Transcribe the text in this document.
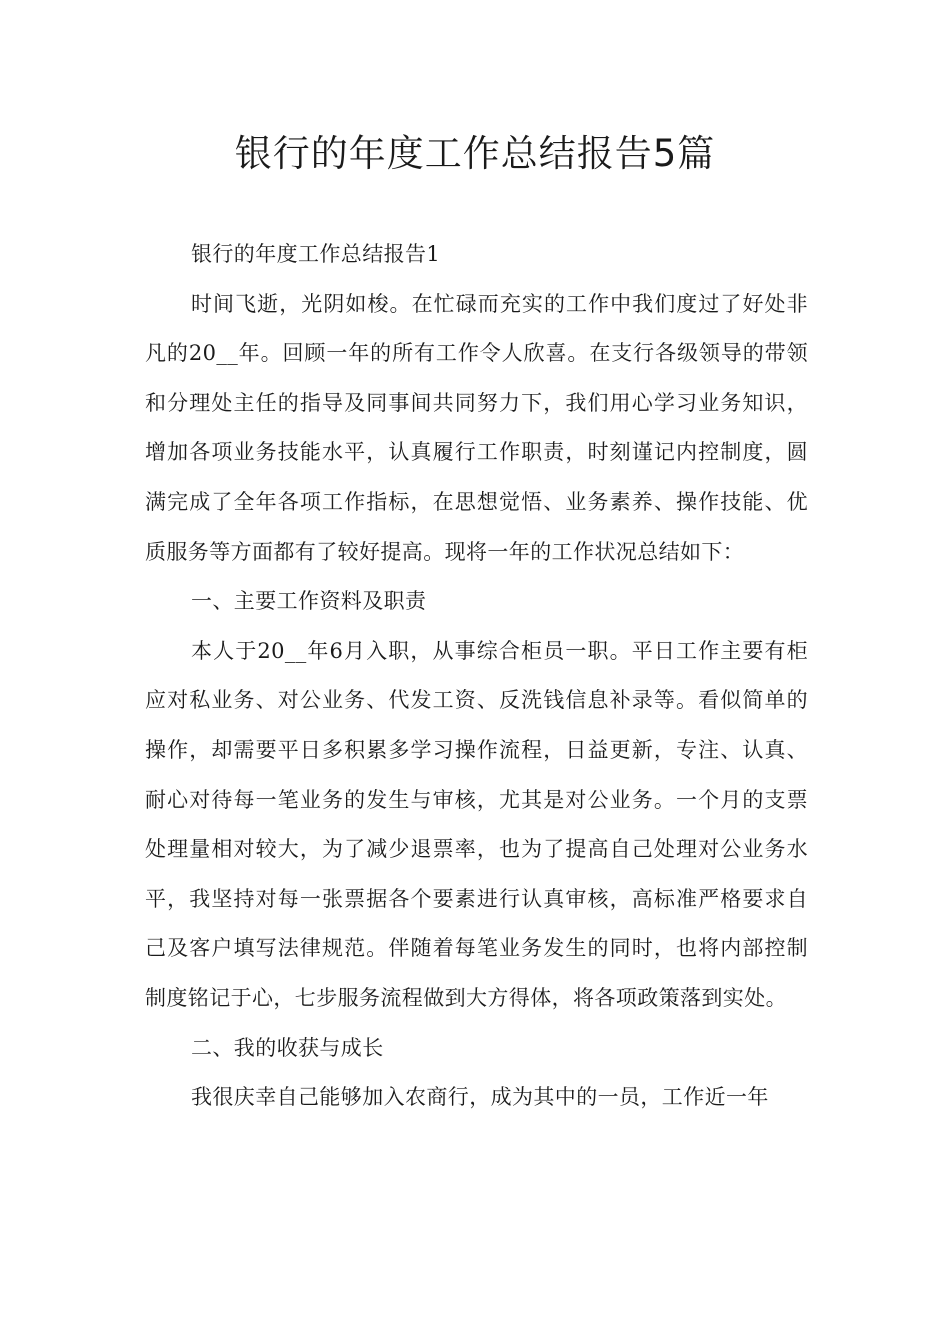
银行的年度工作总结报告5篇

银行的年度工作总结报告1

时间飞逝，光阴如梭。在忙碌而充实的工作中我们度过了好处非凡的20__年。回顾一年的所有工作令人欣喜。在支行各级领导的带领和分理处主任的指导及同事间共同努力下，我们用心学习业务知识，增加各项业务技能水平，认真履行工作职责，时刻谨记内控制度，圆满完成了全年各项工作指标，在思想觉悟、业务素养、操作技能、优质服务等方面都有了较好提高。现将一年的工作状况总结如下：

一、主要工作资料及职责

本人于20__年6月入职，从事综合柜员一职。平日工作主要有柜应对私业务、对公业务、代发工资、反洗钱信息补录等。看似简单的操作，却需要平日多积累多学习操作流程，日益更新，专注、认真、耐心对待每一笔业务的发生与审核，尤其是对公业务。一个月的支票处理量相对较大，为了减少退票率，也为了提高自己处理对公业务水平，我坚持对每一张票据各个要素进行认真审核，高标准严格要求自己及客户填写法律规范。伴随着每笔业务发生的同时，也将内部控制制度铭记于心，七步服务流程做到大方得体，将各项政策落到实处。

二、我的收获与成长

我很庆幸自己能够加入农商行，成为其中的一员，工作近一年
